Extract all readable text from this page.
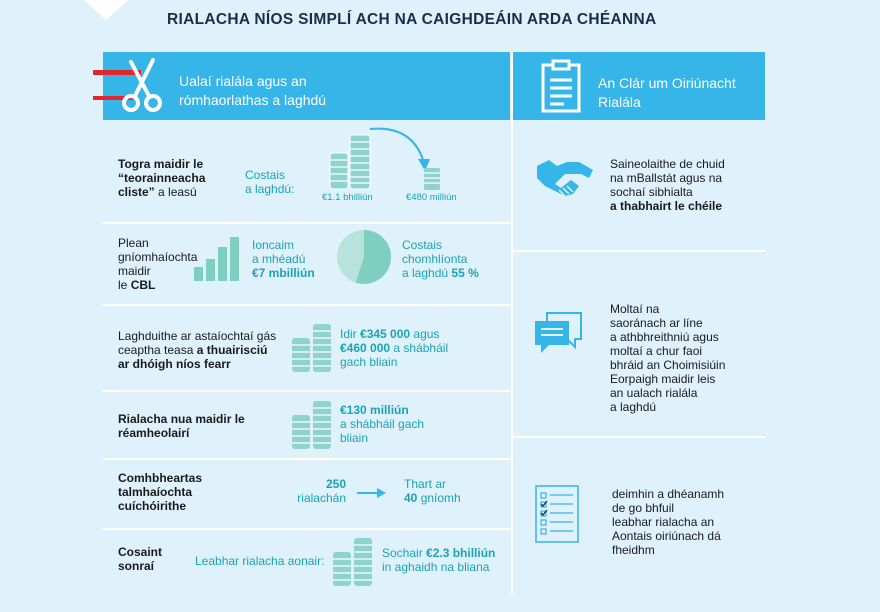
RIALACHA NÍOS SIMPLÍ ACH NA CAIGHDEÁIN ARDA CHÉANNA
Ualaí rialála agus an
rómhaorlathas a laghdú
An Clár um Oiriúnacht
Rialála
Togra maidir le
“teorainneacha
cliste” a leasú
Costais
a laghdú:
€1.1 bhilliún	€480 milliún
Plean
gníomhaíochta
maidir
le CBL
Ioncaim
a mhéadú
€7 mbilliún
Costais
chomhlíonta
a laghdú 55 %
Laghduithe ar astaíochtaí gás
ceaptha teasa a thuairisciú
ar dhóigh níos fearr
Idir €345 000 agus
€460 000 a shábháil
gach bliain
Rialacha nua maidir le
réamheolairí
€130 milliún
a shábháil gach
bliain
Comhbheartas
talmhaíochta
cuíchóirithe
250
rialachán
Thart ar
40 gníomh
Cosaint
sonraí	Leabhar rialacha aonair:
Sochair €2.3 bhilliún
in aghaidh na bliana
Saineolaithe de chuid
na mBallstát agus na
sochaí sibhialta
a thabhairt le chéile
Moltaí na
saoránach ar líne
a athbhreithniú agus
moltaí a chur faoi
bhráid an Choimisiúin
Eorpaigh maidir leis
an ualach rialála
a laghdú
deimhin a dhéanamh
de go bhfuil
leabhar rialacha an
Aontais oiriúnach dá
fheidhm
